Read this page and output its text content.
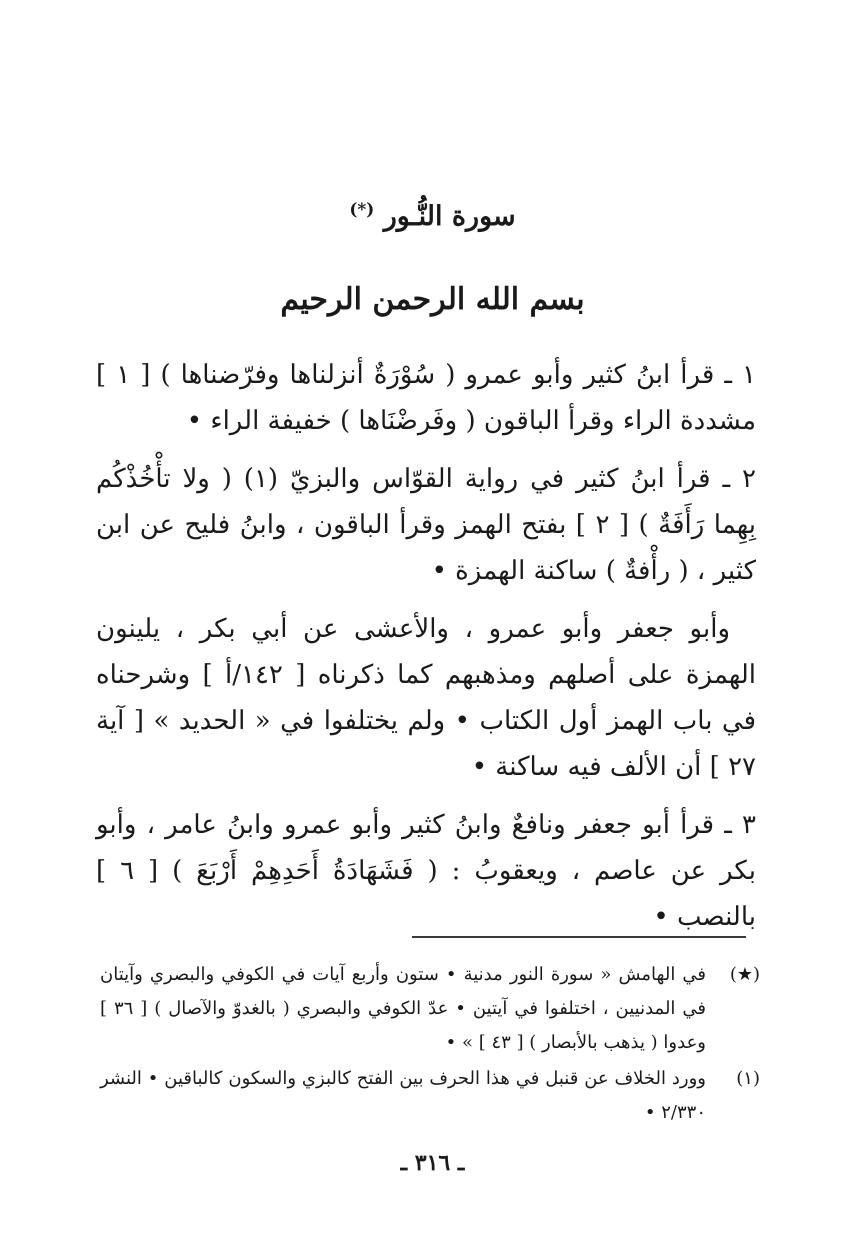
سورة النُّـور (*)
بسم الله الرحمن الرحيم

١ ـ قرأ ابنُ كثير وأبو عمرو ( سُوْرَةٌ أنزلناها وفرّضناها ) [ ١ ] مشددة الراء وقرأ الباقون ( وفَرضْنَاها ) خفيفة الراء •

٢ ـ قرأ ابنُ كثير في رواية القوّاس والبزيّ (١) ( ولا تأْخُذْكُم بِهِما رَأَفَةٌ ) [ ٢ ] بفتح الهمز وقرأ الباقون ، وابنُ فليح عن ابن كثير ، ( رأْفةٌ ) ساكنة الهمزة •

وأبو جعفر وأبو عمرو ، والأعشى عن أبي بكر ، يلينون الهمزة على أصلهم ومذهبهم كما ذكرناه [ ١٤٢/أ ] وشرحناه في باب الهمز أول الكتاب • ولم يختلفوا في « الحديد » [ آية ٢٧ ] أن الألف فيه ساكنة •

٣ ـ قرأ أبو جعفر ونافعٌ وابنُ كثير وأبو عمرو وابنُ عامر ، وأبو بكر عن عاصم ، ويعقوبُ : ( فَشَهَادَةُ أَحَدِهِمْ أَرْبَعَ ) [ ٦ ] بالنصب •

(★)
في الهامش « سورة النور مدنية • ستون وأربع آيات في الكوفي والبصري وآيتان في المدنيين ، اختلفوا في آيتين • عدّ الكوفي والبصري ( بالغدوّ والآصال ) [ ٣٦ ] وعدوا ( يذهب بالأبصار ) [ ٤٣ ] » •
(١)
وورد الخلاف عن قنبل في هذا الحرف بين الفتح كالبزي والسكون كالباقين • النشر ٢/٣٣٠ •
ـ ٣١٦ ـ
